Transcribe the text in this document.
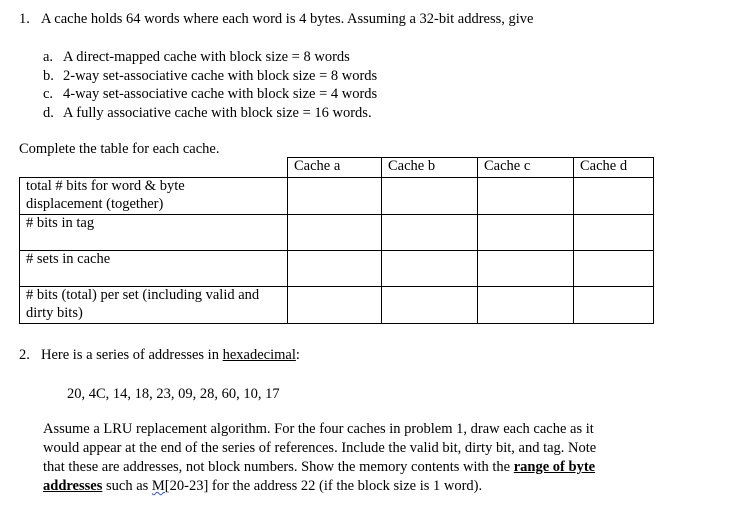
1. A cache holds 64 words where each word is 4 bytes. Assuming a 32-bit address, give
a. A direct-mapped cache with block size = 8 words
b. 2-way set-associative cache with block size = 8 words
c. 4-way set-associative cache with block size = 4 words
d. A fully associative cache with block size = 16 words.
Complete the table for each cache.
	Cache a	Cache b	Cache c	Cache d
total # bits for word & byte displacement (together)				
# bits in tag				
# sets in cache				
# bits (total) per set (including valid and dirty bits)				
2. Here is a series of addresses in hexadecimal:
20, 4C, 14, 18, 23, 09, 28, 60, 10, 17
Assume a LRU replacement algorithm. For the four caches in problem 1, draw each cache as it
would appear at the end of the series of references. Include the valid bit, dirty bit, and tag. Note
that these are addresses, not block numbers. Show the memory contents with the range of byte
addresses such as M[20-23] for the address 22 (if the block size is 1 word).
